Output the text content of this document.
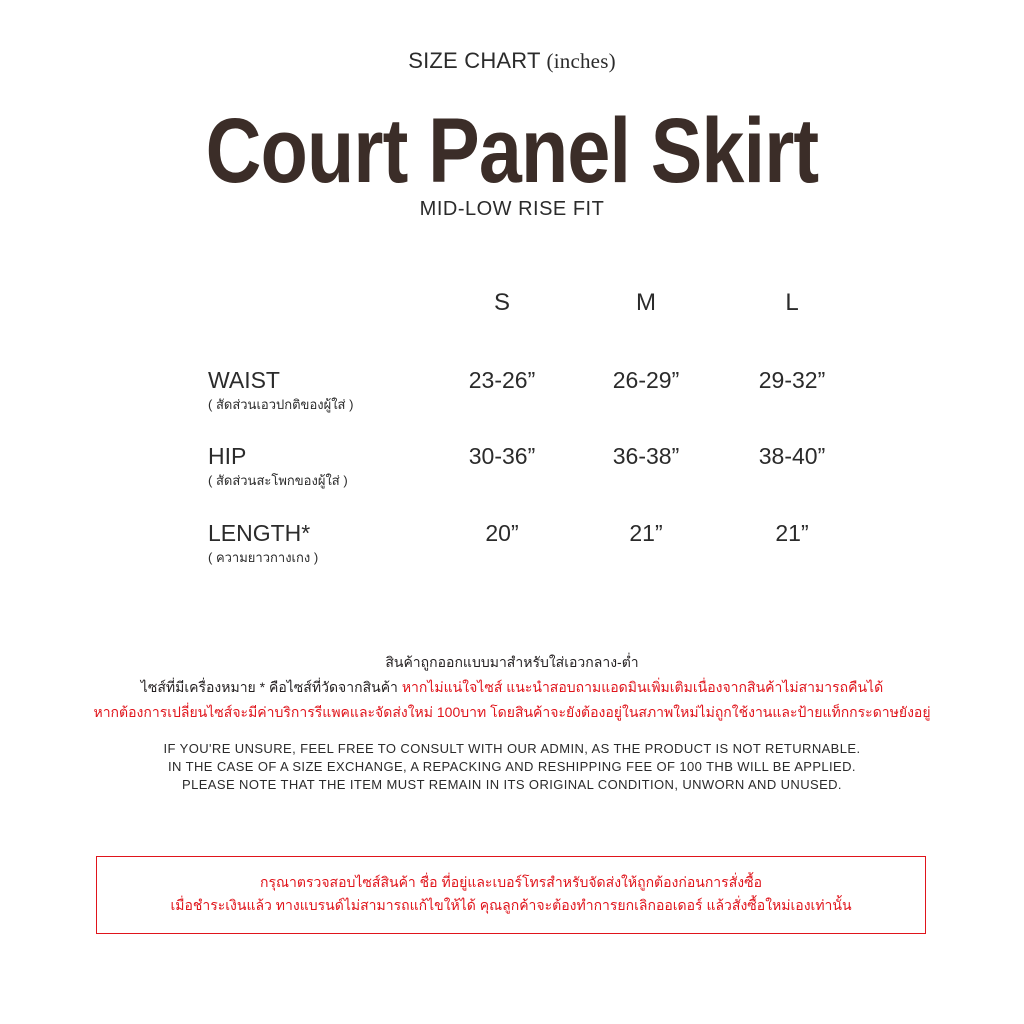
SIZE CHART (inches)
Court Panel Skirt
MID-LOW RISE FIT
S	M	L
WAIST
( สัดส่วนเอวปกติของผู้ใส่ )
23-26”	26-29”	29-32”
HIP
( สัดส่วนสะโพกของผู้ใส่ )
30-36”	36-38”	38-40”
LENGTH*
( ความยาวกางเกง )
20”	21”	21”
สินค้าถูกออกแบบมาสำหรับใส่เอวกลาง-ต่ำ
ไซส์ที่มีเครื่องหมาย * คือไซส์ที่วัดจากสินค้า หากไม่แน่ใจไซส์ แนะนำสอบถามแอดมินเพิ่มเติมเนื่องจากสินค้าไม่สามารถคืนได้
หากต้องการเปลี่ยนไซส์จะมีค่าบริการรีแพคและจัดส่งใหม่ 100บาท โดยสินค้าจะยังต้องอยู่ในสภาพใหม่ไม่ถูกใช้งานและป้ายแท็กกระดาษยังอยู่
IF YOU'RE UNSURE, FEEL FREE TO CONSULT WITH OUR ADMIN, AS THE PRODUCT IS NOT RETURNABLE.
IN THE CASE OF A SIZE EXCHANGE, A REPACKING AND RESHIPPING FEE OF 100 THB WILL BE APPLIED.
PLEASE NOTE THAT THE ITEM MUST REMAIN IN ITS ORIGINAL CONDITION, UNWORN AND UNUSED.
กรุณาตรวจสอบไซส์สินค้า ชื่อ ที่อยู่และเบอร์โทรสำหรับจัดส่งให้ถูกต้องก่อนการสั่งซื้อ
เมื่อชำระเงินแล้ว ทางแบรนด์ไม่สามารถแก้ไขให้ได้ คุณลูกค้าจะต้องทำการยกเลิกออเดอร์ แล้วสั่งซื้อใหม่เองเท่านั้น
